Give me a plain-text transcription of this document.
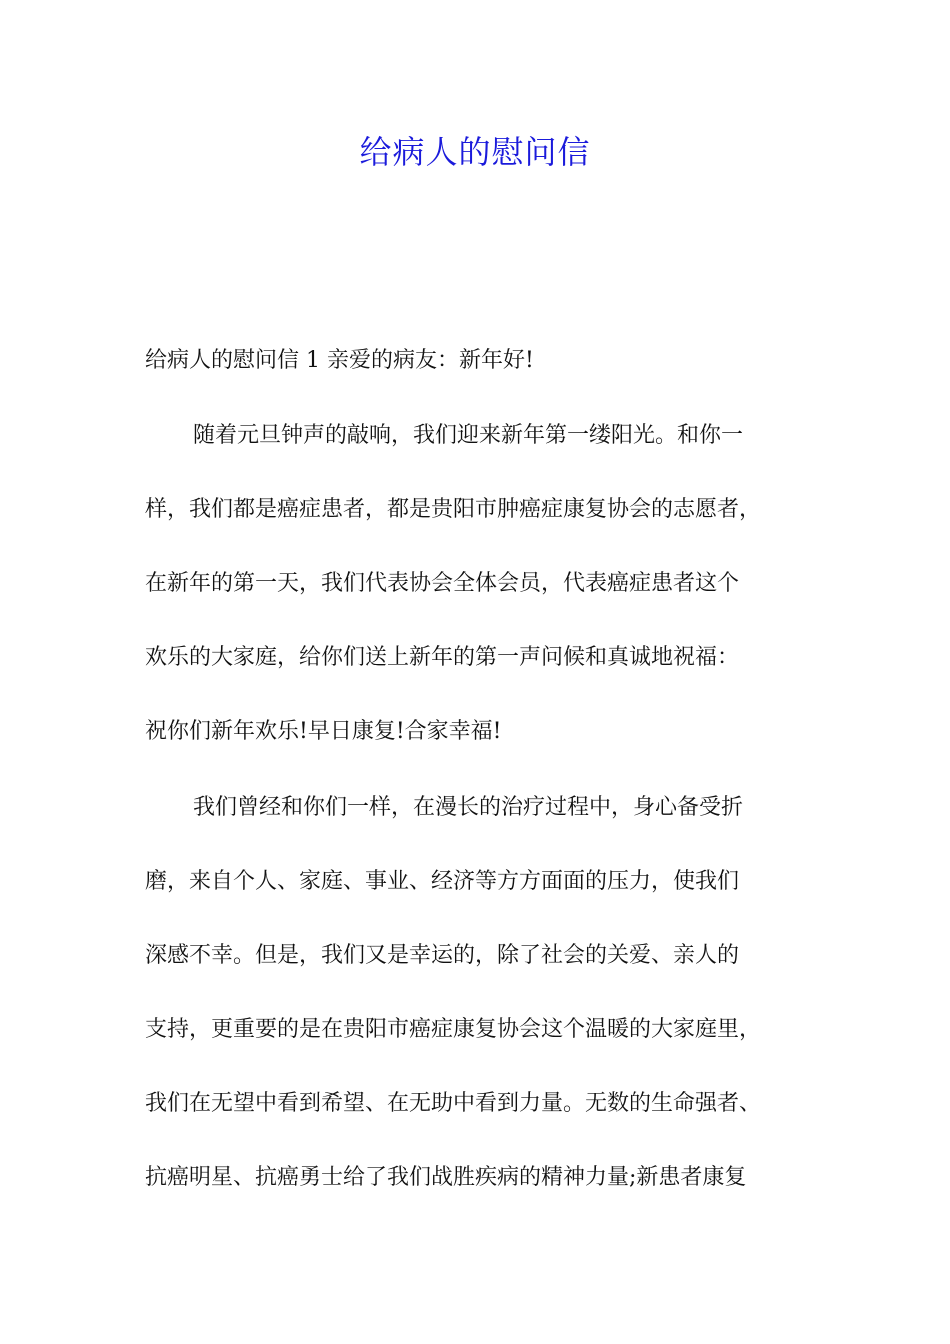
给病人的慰问信
给病人的慰问信 1 亲爱的病友：新年好!
随着元旦钟声的敲响，我们迎来新年第一缕阳光。和你一
样，我们都是癌症患者，都是贵阳市肿癌症康复协会的志愿者，
在新年的第一天，我们代表协会全体会员，代表癌症患者这个
欢乐的大家庭，给你们送上新年的第一声问候和真诚地祝福：
祝你们新年欢乐!早日康复!合家幸福!
我们曾经和你们一样，在漫长的治疗过程中，身心备受折
磨，来自个人、家庭、事业、经济等方方面面的压力，使我们
深感不幸。但是，我们又是幸运的，除了社会的关爱、亲人的
支持，更重要的是在贵阳市癌症康复协会这个温暖的大家庭里，
我们在无望中看到希望、在无助中看到力量。无数的生命强者、
抗癌明星、抗癌勇士给了我们战胜疾病的精神力量;新患者康复
